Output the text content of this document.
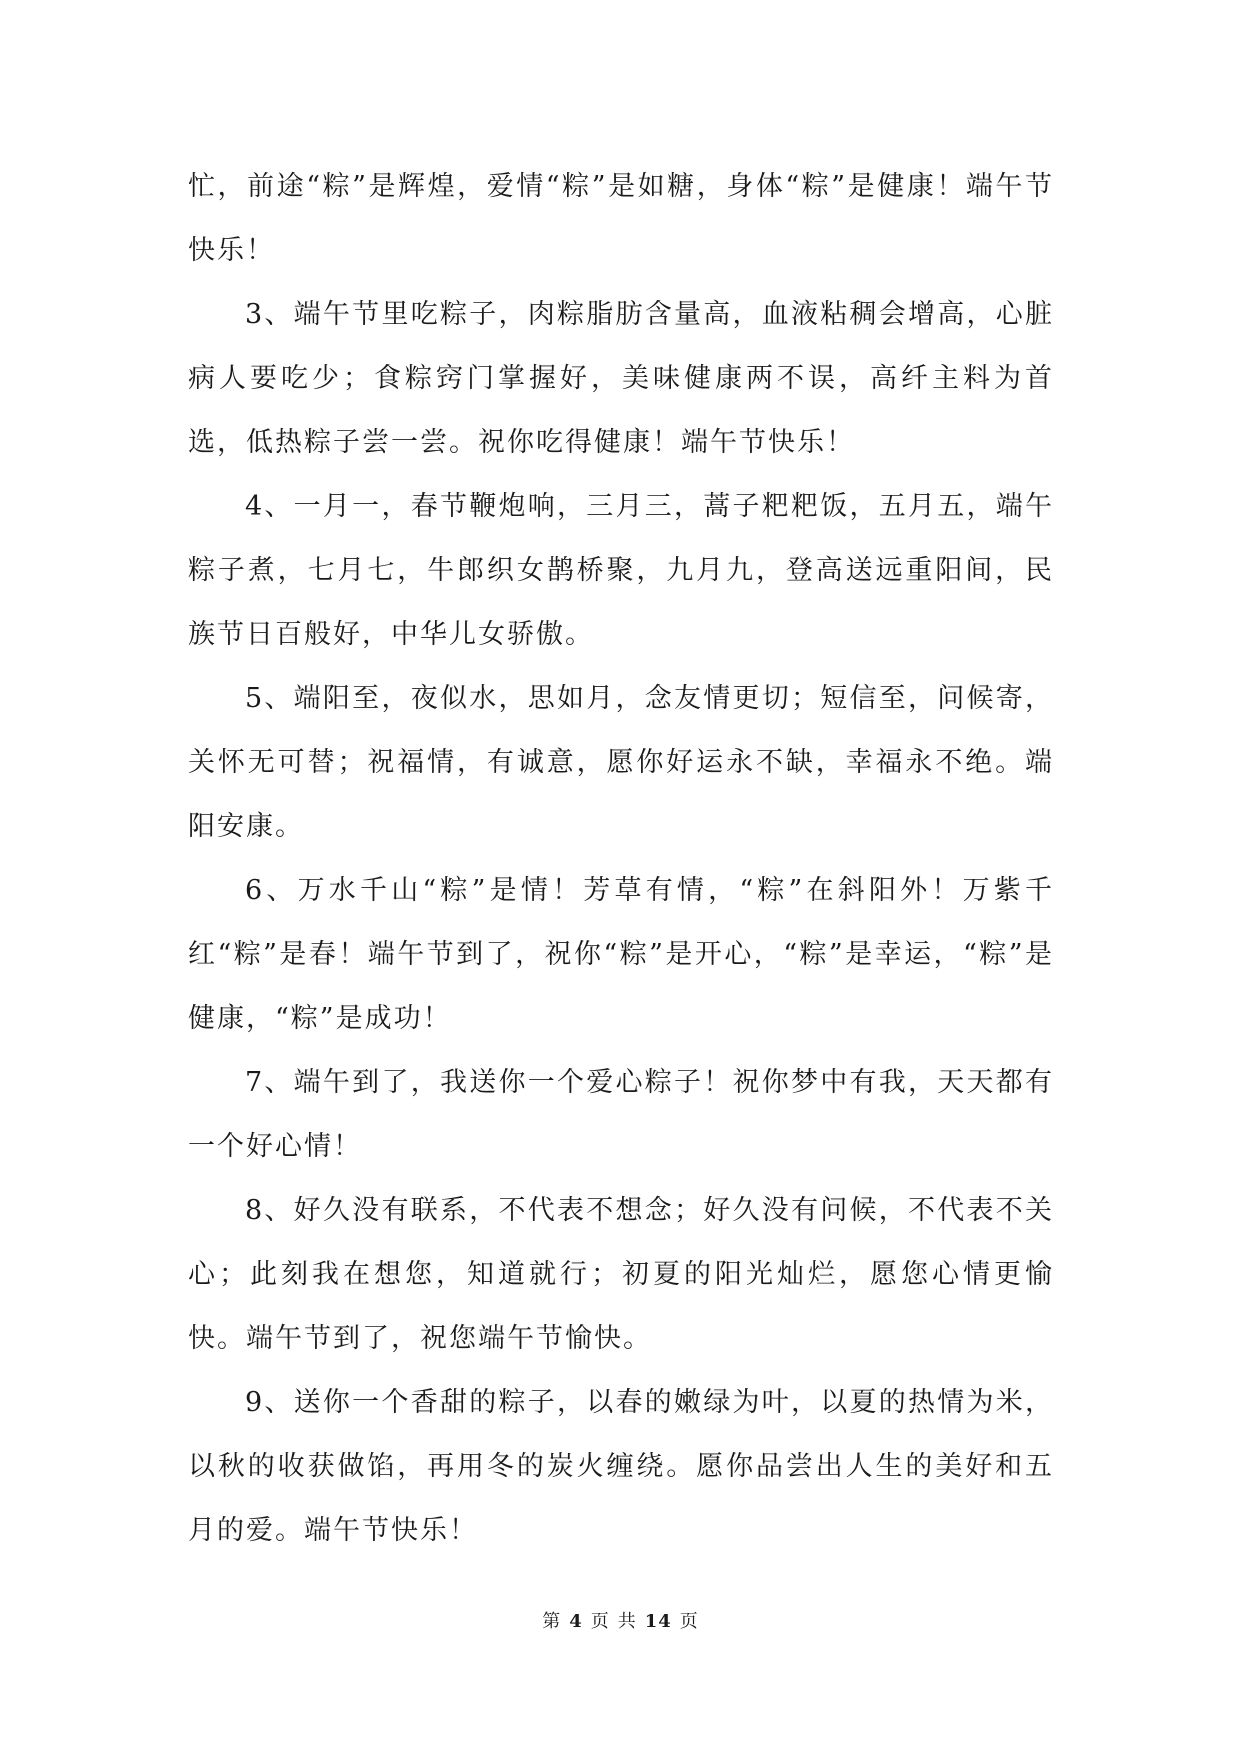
忙，前途“粽”是辉煌，爱情“粽”是如糖，身体“粽”是健康！端午节快乐！

3、端午节里吃粽子，肉粽脂肪含量高，血液粘稠会增高，心脏病人要吃少；食粽窍门掌握好，美味健康两不误，高纤主料为首选，低热粽子尝一尝。祝你吃得健康！端午节快乐！

4、一月一，春节鞭炮响，三月三，蒿子粑粑饭，五月五，端午粽子煮，七月七，牛郎织女鹊桥聚，九月九，登高送远重阳间，民族节日百般好，中华儿女骄傲。

5、端阳至，夜似水，思如月，念友情更切；短信至，问候寄，关怀无可替；祝福情，有诚意，愿你好运永不缺，幸福永不绝。端阳安康。

6、万水千山“粽”是情！芳草有情，“粽”在斜阳外！万紫千红“粽”是春！端午节到了，祝你“粽”是开心，“粽”是幸运，“粽”是健康，“粽”是成功！

7、端午到了，我送你一个爱心粽子！祝你梦中有我，天天都有一个好心情！

8、好久没有联系，不代表不想念；好久没有问候，不代表不关心；此刻我在想您，知道就行；初夏的阳光灿烂，愿您心情更愉快。端午节到了，祝您端午节愉快。

9、送你一个香甜的粽子，以春的嫩绿为叶，以夏的热情为米，以秋的收获做馅，再用冬的炭火缠绕。愿你品尝出人生的美好和五月的爱。端午节快乐！

第 4 页 共 14 页
